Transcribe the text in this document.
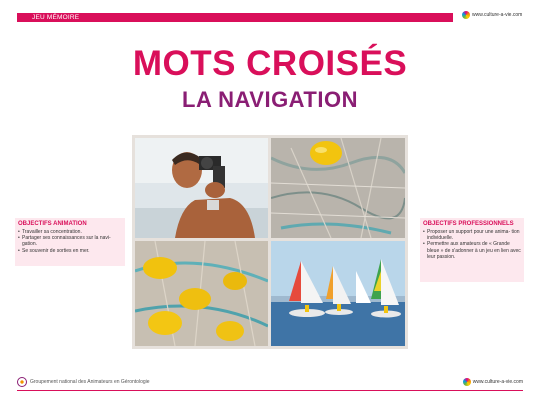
JEU MÉMOIRE	www.culture-a-vie.com
MOTS CROISÉS
LA NAVIGATION
OBJECTIFS ANIMATION
• Travailler sa concentration.
• Partager ses connaissances sur la navi- gation.
• Se souvenir de sorties en mer.
OBJECTIFS PROFESSIONNELS
• Proposer un support pour une anima- tion individuelle.
• Permettre aux amateurs de « Grande bleue » de s'adonner à un jeu en lien avec leur passion.
Groupement national des Animateurs en Gérontologie	www.culture-a-vie.com
